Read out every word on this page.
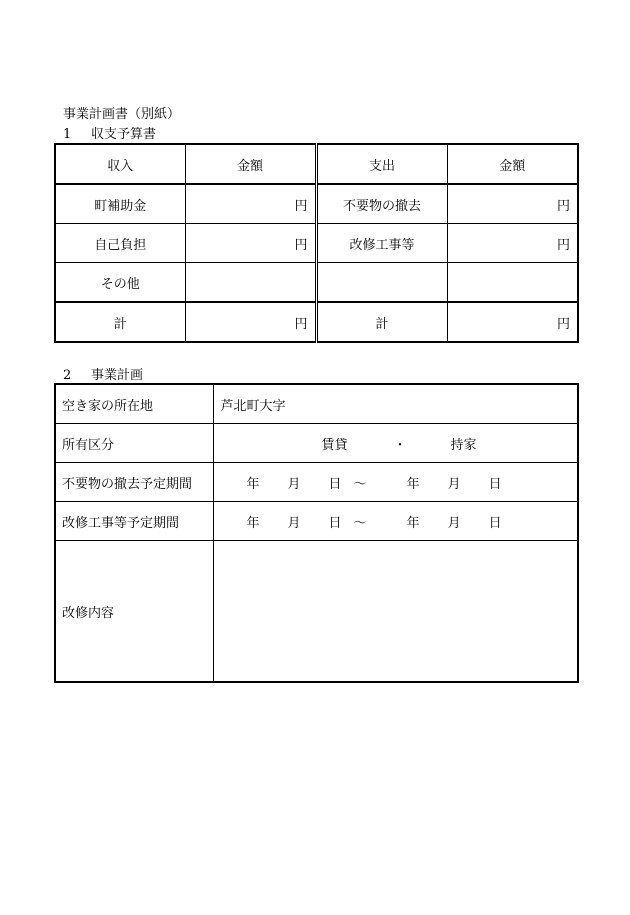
事業計画書（別紙）
1 収支予算書
収入	金額	支出	金額
町補助金	円	不要物の撤去	円
自己負担	円	改修工事等	円
その他			
計	円	計	円
2 事業計画
空き家の所在地	芦北町大字
所有区分	賃貸 ・ 持家
不要物の撤去予定期間	年 月 日 ～ 年 月 日
改修工事等予定期間	年 月 日 ～ 年 月 日
改修内容	
